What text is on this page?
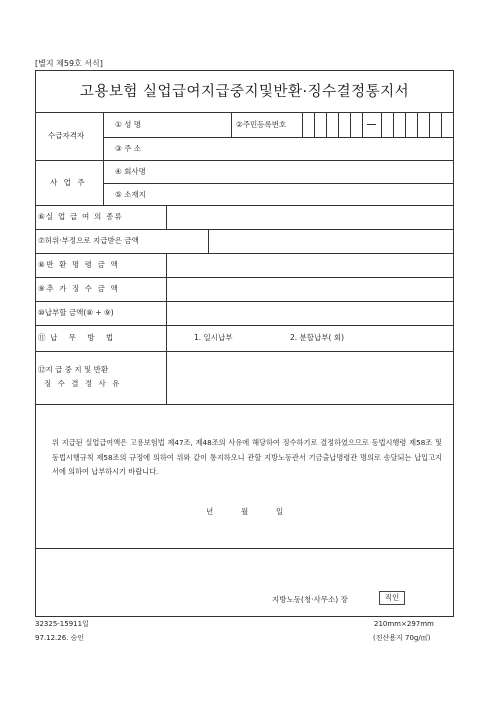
[별지 제59호 서식]
고용보험 실업급여지급중지및반환·징수결정통지서
수급자격자
① 성 명	②주민등록번호
③ 주 소
사 업 주
④ 회사명
⑤ 소재지
⑥실 업 급 여 의 종류
⑦허위·부정으로 지급받은 금액
⑧반 환 명 령 금 액
⑨추 가 징 수 금 액
⑩납부할 금액(⑧ + ⑨)
⑪납 무 방 법	1. 일시납부	2. 분할납부( 회)
⑫지 급 중 지 및 반환
징 수 결 정 사 유
위 지급된 실업급여액은 고용보험법 제47조, 제48조의 사유에 해당하여 징수하기로 결정하였으므로 동법시행령 제58조 및 동법시행규칙 제58조의 규정에 의하여 위와 같이 통지하오니 관할 지방노동관서 기금출납명령관 명의로 송달되는 납입고지서에 의하여 납부하시기 바랍니다.
년	월	일
지방노동(청·사무소) 장	직인
32325-15911일
97.12.26. 승인
210mm×297mm
(전산용지 70g/㎡)
